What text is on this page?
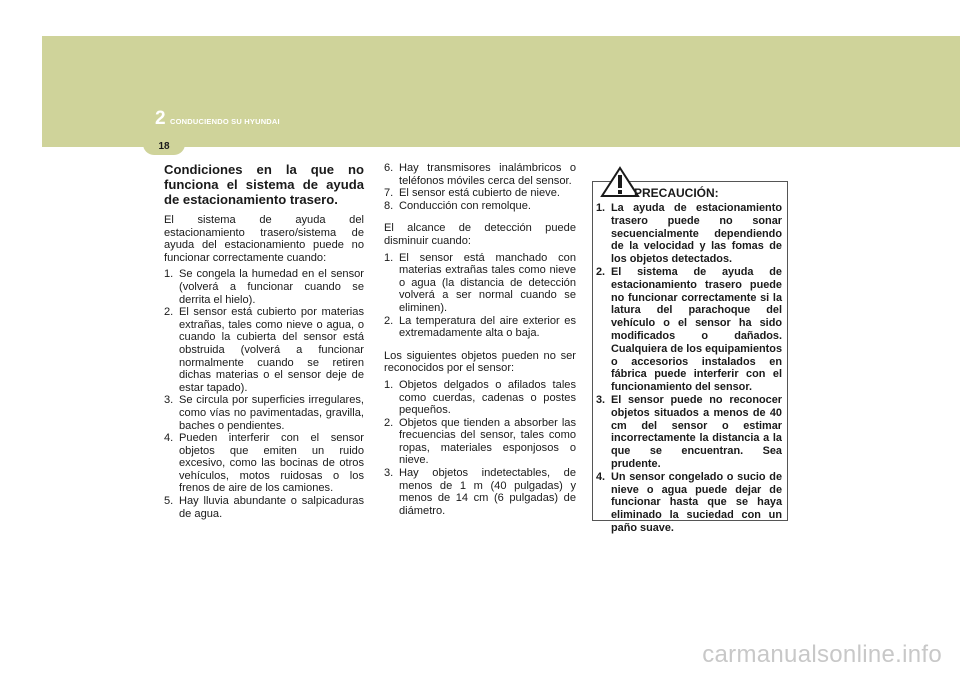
2 CONDUCIENDO SU HYUNDAI
18
Condiciones en la que no funciona el sistema de ayuda de estacionamiento trasero.

El sistema de ayuda del estacionamiento trasero/sistema de ayuda del estacionamiento puede no funcionar correctamente cuando:

1. Se congela la humedad en el sensor (volverá a funcionar cuando se derrita el hielo).
2. El sensor está cubierto por materias extrañas, tales como nieve o agua, o cuando la cubierta del sensor está obstruida (volverá a funcionar normalmente cuando se retiren dichas materias o el sensor deje de estar tapado).
3. Se circula por superficies irregulares, como vías no pavimentadas, gravilla, baches o pendientes.
4. Pueden interferir con el sensor objetos que emiten un ruido excesivo, como las bocinas de otros vehículos, motos ruidosas o los frenos de aire de los camiones.
5. Hay lluvia abundante o salpicaduras de agua.
6. Hay transmisores inalámbricos o teléfonos móviles cerca del sensor.
7. El sensor está cubierto de nieve.
8. Conducción con remolque.

El alcance de detección puede disminuir cuando:

1. El sensor está manchado con materias extrañas tales como nieve o agua (la distancia de detección volverá a ser normal cuando se eliminen).
2. La temperatura del aire exterior es extremadamente alta o baja.

Los siguientes objetos pueden no ser reconocidos por el sensor:

1. Objetos delgados o afilados tales como cuerdas, cadenas o postes pequeños.
2. Objetos que tienden a absorber las frecuencias del sensor, tales como ropas, materiales esponjosos o nieve.
3. Hay objetos indetectables, de menos de 1 m (40 pulgadas) y menos de 14 cm (6 pulgadas) de diámetro.
PRECAUCIÓN:
1. La ayuda de estacionamiento trasero puede no sonar secuencialmente dependiendo de la velocidad y las fomas de los objetos detectados.
2. El sistema de ayuda de estacionamiento trasero puede no funcionar correctamente si la latura del parachoque del vehículo o el sensor ha sido modificados o dañados. Cualquiera de los equipamientos o accesorios instalados en fábrica puede interferir con el funcionamiento del sensor.
3. El sensor puede no reconocer objetos situados a menos de 40 cm del sensor o estimar incorrectamente la distancia a la que se encuentran. Sea prudente.
4. Un sensor congelado o sucio de nieve o agua puede dejar de funcionar hasta que se haya eliminado la suciedad con un paño suave.
carmanualsonline.info
